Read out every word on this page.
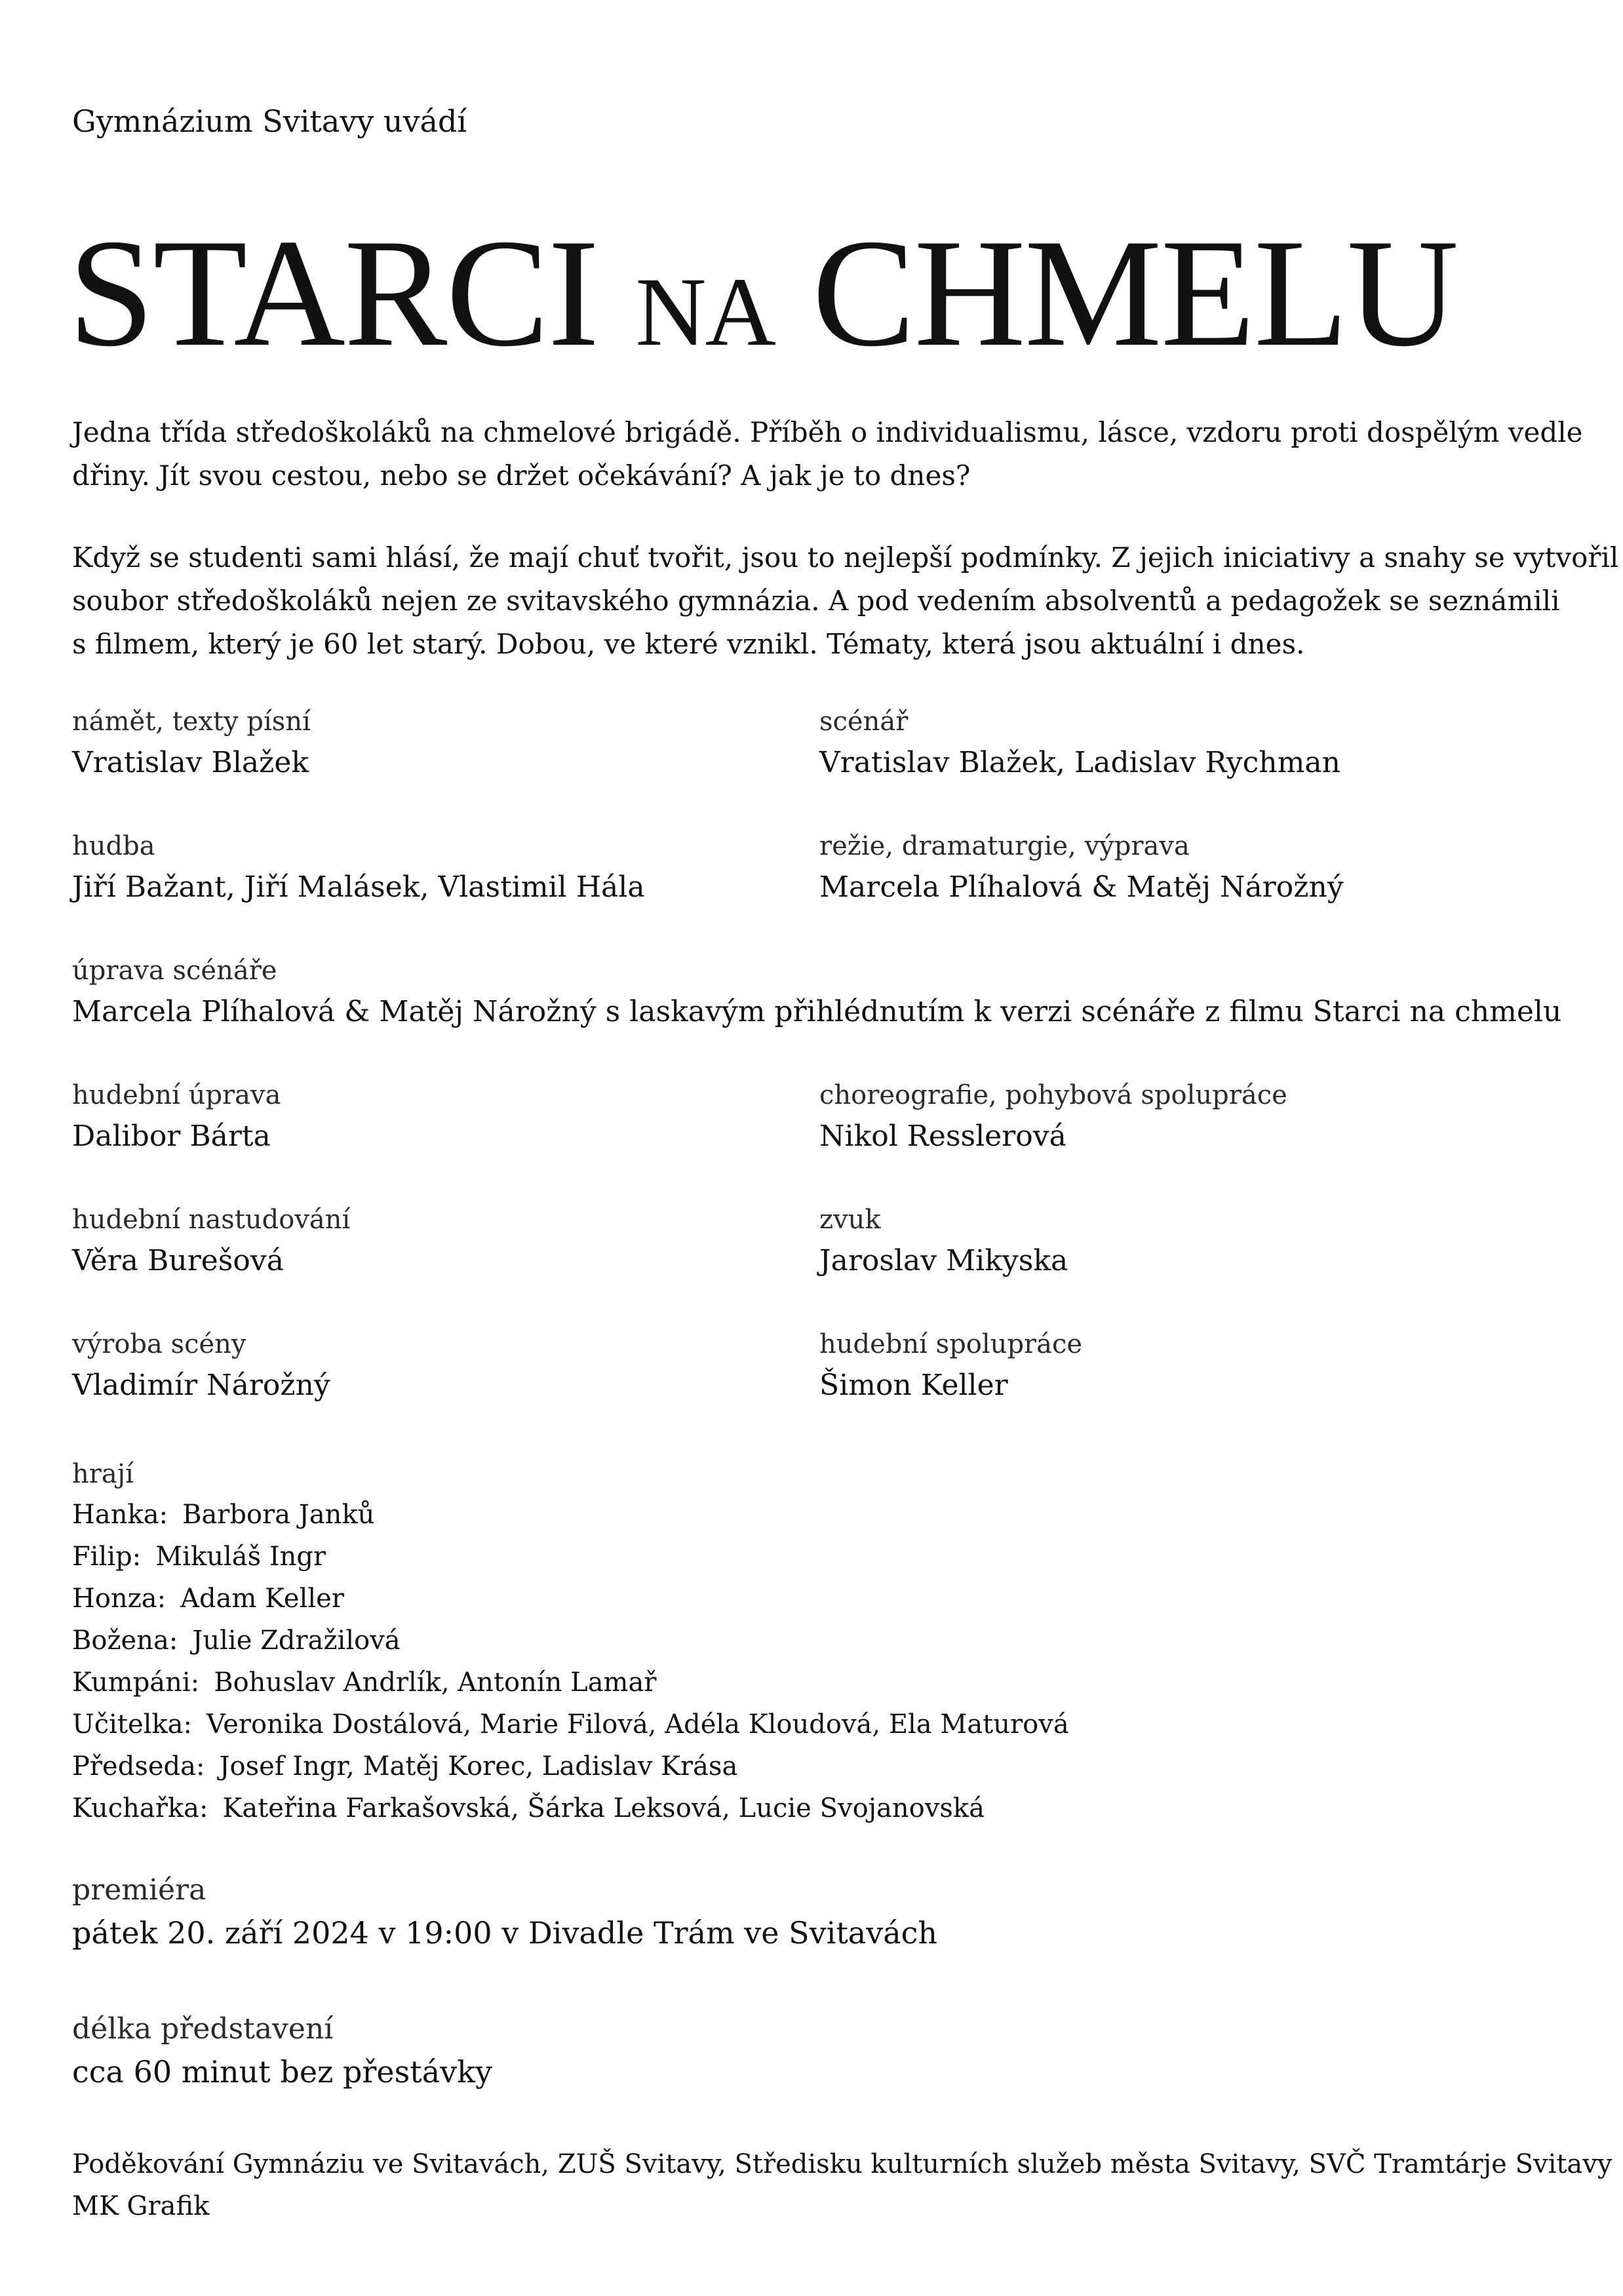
Gymnázium Svitavy uvádí
STARCI NA CHMELU
Jedna třída středoškoláků na chmelové brigádě. Příběh o individualismu, lásce, vzdoru proti dospělým vedle
dřiny. Jít svou cestou, nebo se držet očekávání? A jak je to dnes?
Když se studenti sami hlásí, že mají chuť tvořit, jsou to nejlepší podmínky. Z jejich iniciativy a snahy se vytvořil
soubor středoškoláků nejen ze svitavského gymnázia. A pod vedením absolventů a pedagožek se seznámili
s filmem, který je 60 let starý. Dobou, ve které vznikl. Tématy, která jsou aktuální i dnes.
námět, texty písní
Vratislav Blažek
scénář
Vratislav Blažek, Ladislav Rychman
hudba
Jiří Bažant, Jiří Malásek, Vlastimil Hála
režie, dramaturgie, výprava
Marcela Plíhalová & Matěj Nárožný
úprava scénáře
Marcela Plíhalová & Matěj Nárožný s laskavým přihlédnutím k verzi scénáře z filmu Starci na chmelu
hudební úprava
Dalibor Bárta
choreografie, pohybová spolupráce
Nikol Resslerová
hudební nastudování
Věra Burešová
zvuk
Jaroslav Mikyska
výroba scény
Vladimír Nárožný
hudební spolupráce
Šimon Keller
hrají
Hanka: Barbora Janků
Filip: Mikuláš Ingr
Honza: Adam Keller
Božena: Julie Zdražilová
Kumpáni: Bohuslav Andrlík, Antonín Lamař
Učitelka: Veronika Dostálová, Marie Filová, Adéla Kloudová, Ela Maturová
Předseda: Josef Ingr, Matěj Korec, Ladislav Krása
Kuchařka: Kateřina Farkašovská, Šárka Leksová, Lucie Svojanovská
premiéra
pátek 20. září 2024 v 19:00 v Divadle Trám ve Svitavách
délka představení
cca 60 minut bez přestávky
Poděkování Gymnáziu ve Svitavách, ZUŠ Svitavy, Středisku kulturních služeb města Svitavy, SVČ Tramtárje Svitavy
MK Grafik
